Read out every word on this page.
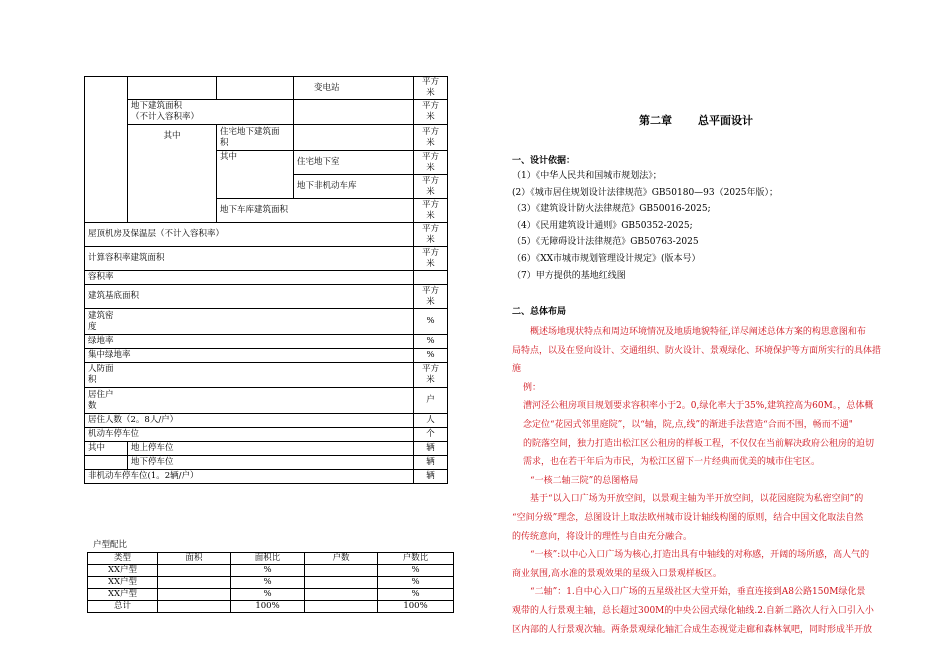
			变电站	平方
米
	地下建筑面积
（不计入容积率）			平方
米
	其中	住宅地下建筑面
积		平方
米
		其中	住宅地下室	平方
米
			地下非机动车库	平方
米
		地下车库建筑面积		平方
米
屋顶机房及保温层（不计入容积率）				平方
米
计算容积率建筑面积				平方
米
容积率				
建筑基底面积				平方
米
建筑密
度				%
绿地率				%
集中绿地率				%
人防面
积				平方
米
居住户
数				户
居住人数（2。8人/户）				人
机动车停车位				个
其中	地上停车位			辆
	地下停车位			辆
非机动车停车位(1。2辆/户）				辆
户型配比
类型	面积	面积比	户数	户数比
XX户型		%		%
XX户型		%		%
XX户型		%		%
总计		100%		100%
第二章 总平面设计
一、设计依据：
（1）《中华人民共和国城市规划法》；
(2）《城市居住规划设计法律规范》GB50180—93（2025年版）；
（3）《建筑设计防火法律规范》GB50016-2025;
（4）《民用建筑设计通则》GB50352-2025;
（5）《无障碍设计法律规范》GB50763-2025
（6）《XX市城市规划管理设计规定》(版本号）
（7）甲方提供的基地红线图
二、总体布局

概述场地现状特点和周边环境情况及地质地貌特征,详尽阐述总体方案的构思意图和布

局特点，以及在竖向设计、交通组织、防火设计、景观绿化、环境保护等方面所实行的具体措

施

例：

漕河泾公租房项目规划要求容积率小于2。0,绿化率大于35%,建筑控高为60M。，总体概

念定位“花园式邻里庭院”，以“轴，院,点,线”的渐进手法营造“合而不围，畅而不通"

的院落空间，独力打造出松江区公租房的样板工程，不仅仅在当前解决政府公租房的迫切

需求，也在若干年后为市民，为松江区留下一片经典而优美的城市住宅区。

“一核二轴三院”的总图格局

基于“以入口广场为开放空间，以景观主轴为半开放空间，以花园庭院为私密空间”的

“空间分级”理念，总图设计上取法欧州城市设计轴线构图的原则，结合中国文化取法自然

的传统意向，将设计的理性与自由充分融合。

“一核”:以中心入口广场为核心,打造出具有中轴线的对称感，开阔的场所感，高人气的

商业氛围,高水准的景观效果的星级入口景观样板区。

“二轴”：1.自中心入口广场的五星级社区大堂开始，垂直连接到A8公路150M绿化景

观带的人行景观主轴，总长超过300M的中央公园式绿化轴线.2.自新二路次人行入口引入小

区内部的人行景观次轴。两条景观绿化轴汇合成生态视觉走廊和森林氧吧，同时形成半开放
